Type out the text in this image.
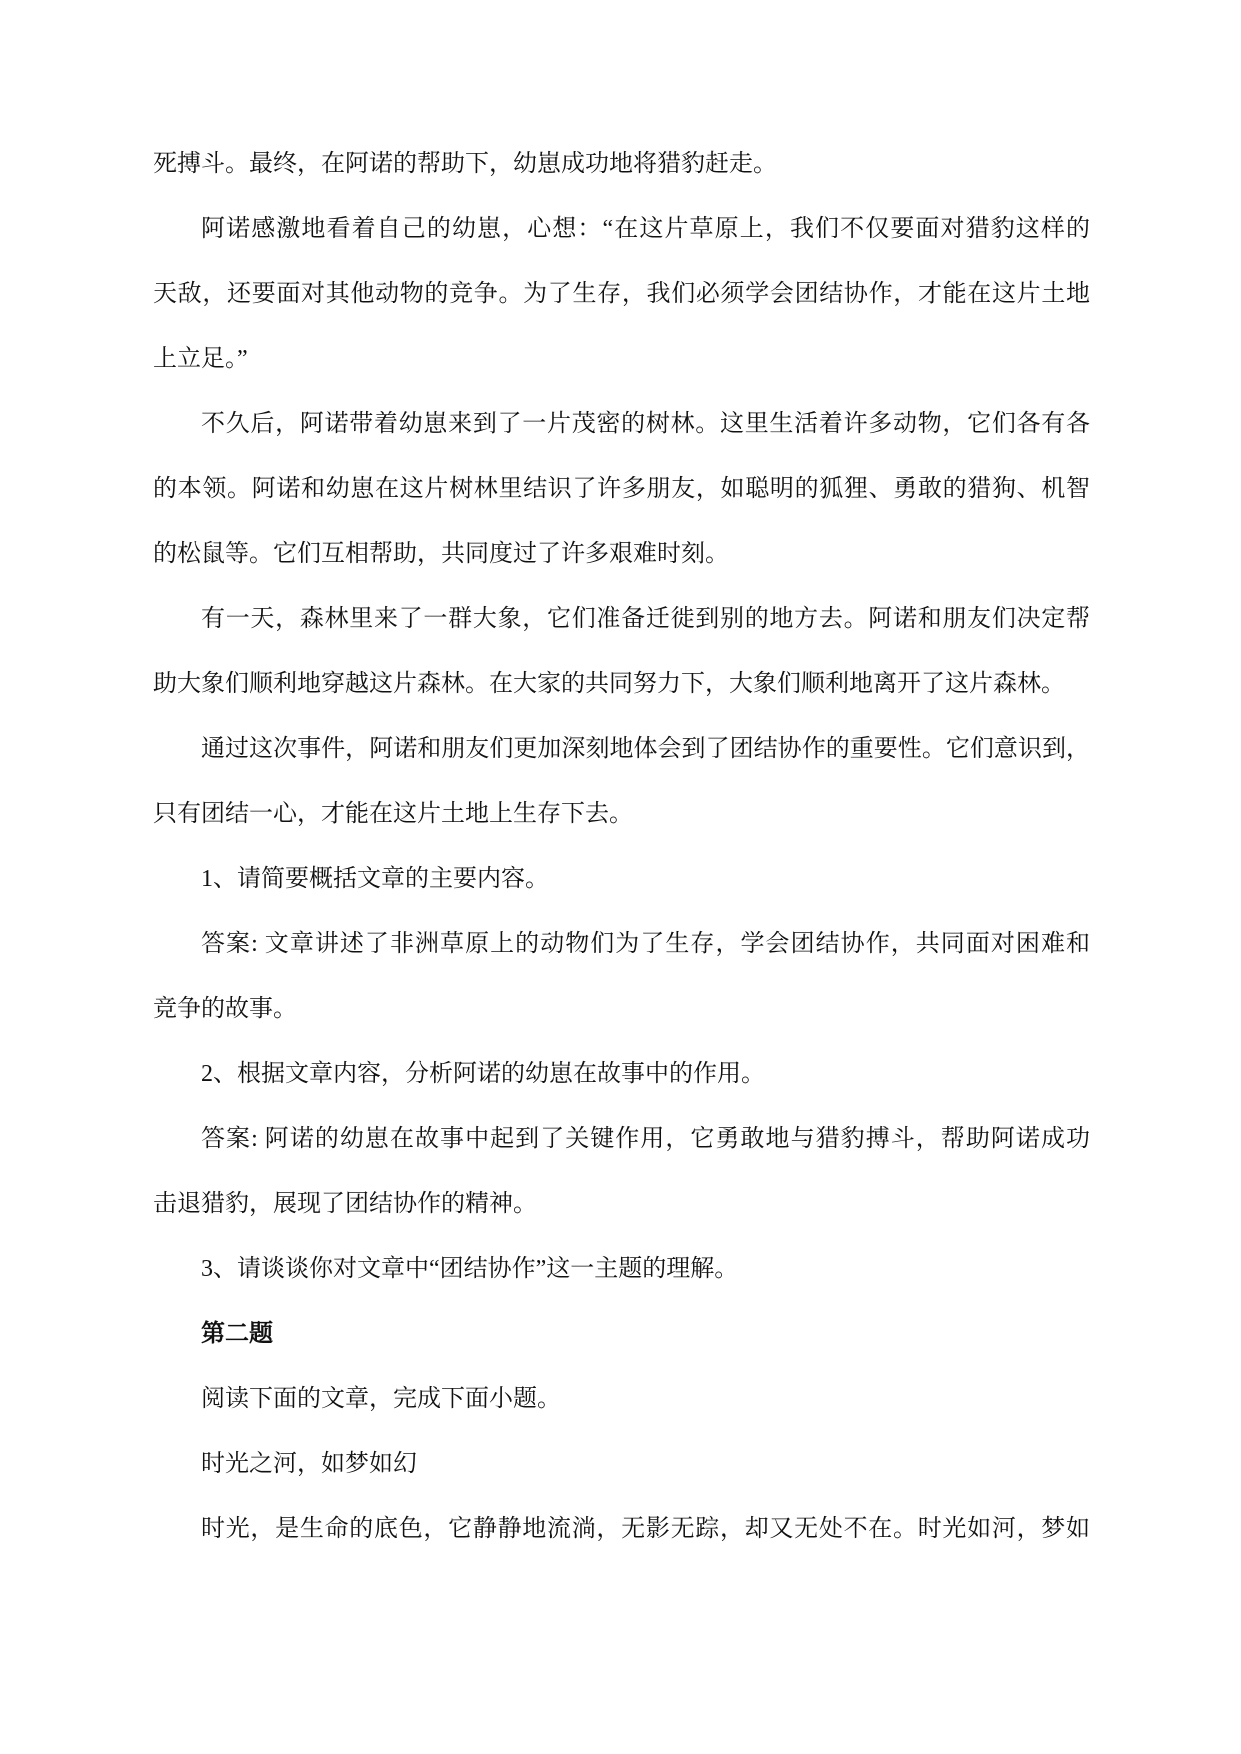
死搏斗。最终，在阿诺的帮助下，幼崽成功地将猎豹赶走。
阿诺感激地看着自己的幼崽，心想：“在这片草原上，我们不仅要面对猎豹这样的
天敌，还要面对其他动物的竞争。为了生存，我们必须学会团结协作，才能在这片土地
上立足。”
不久后，阿诺带着幼崽来到了一片茂密的树林。这里生活着许多动物，它们各有各
的本领。阿诺和幼崽在这片树林里结识了许多朋友，如聪明的狐狸、勇敢的猎狗、机智
的松鼠等。它们互相帮助，共同度过了许多艰难时刻。
有一天，森林里来了一群大象，它们准备迁徙到别的地方去。阿诺和朋友们决定帮
助大象们顺利地穿越这片森林。在大家的共同努力下，大象们顺利地离开了这片森林。
通过这次事件，阿诺和朋友们更加深刻地体会到了团结协作的重要性。它们意识到，
只有团结一心，才能在这片土地上生存下去。
1、请简要概括文章的主要内容。
答案: 文章讲述了非洲草原上的动物们为了生存，学会团结协作，共同面对困难和
竞争的故事。
2、根据文章内容，分析阿诺的幼崽在故事中的作用。
答案: 阿诺的幼崽在故事中起到了关键作用，它勇敢地与猎豹搏斗，帮助阿诺成功
击退猎豹，展现了团结协作的精神。
3、请谈谈你对文章中“团结协作”这一主题的理解。
第二题
阅读下面的文章，完成下面小题。
时光之河，如梦如幻
时光，是生命的底色，它静静地流淌，无影无踪，却又无处不在。时光如河，梦如
